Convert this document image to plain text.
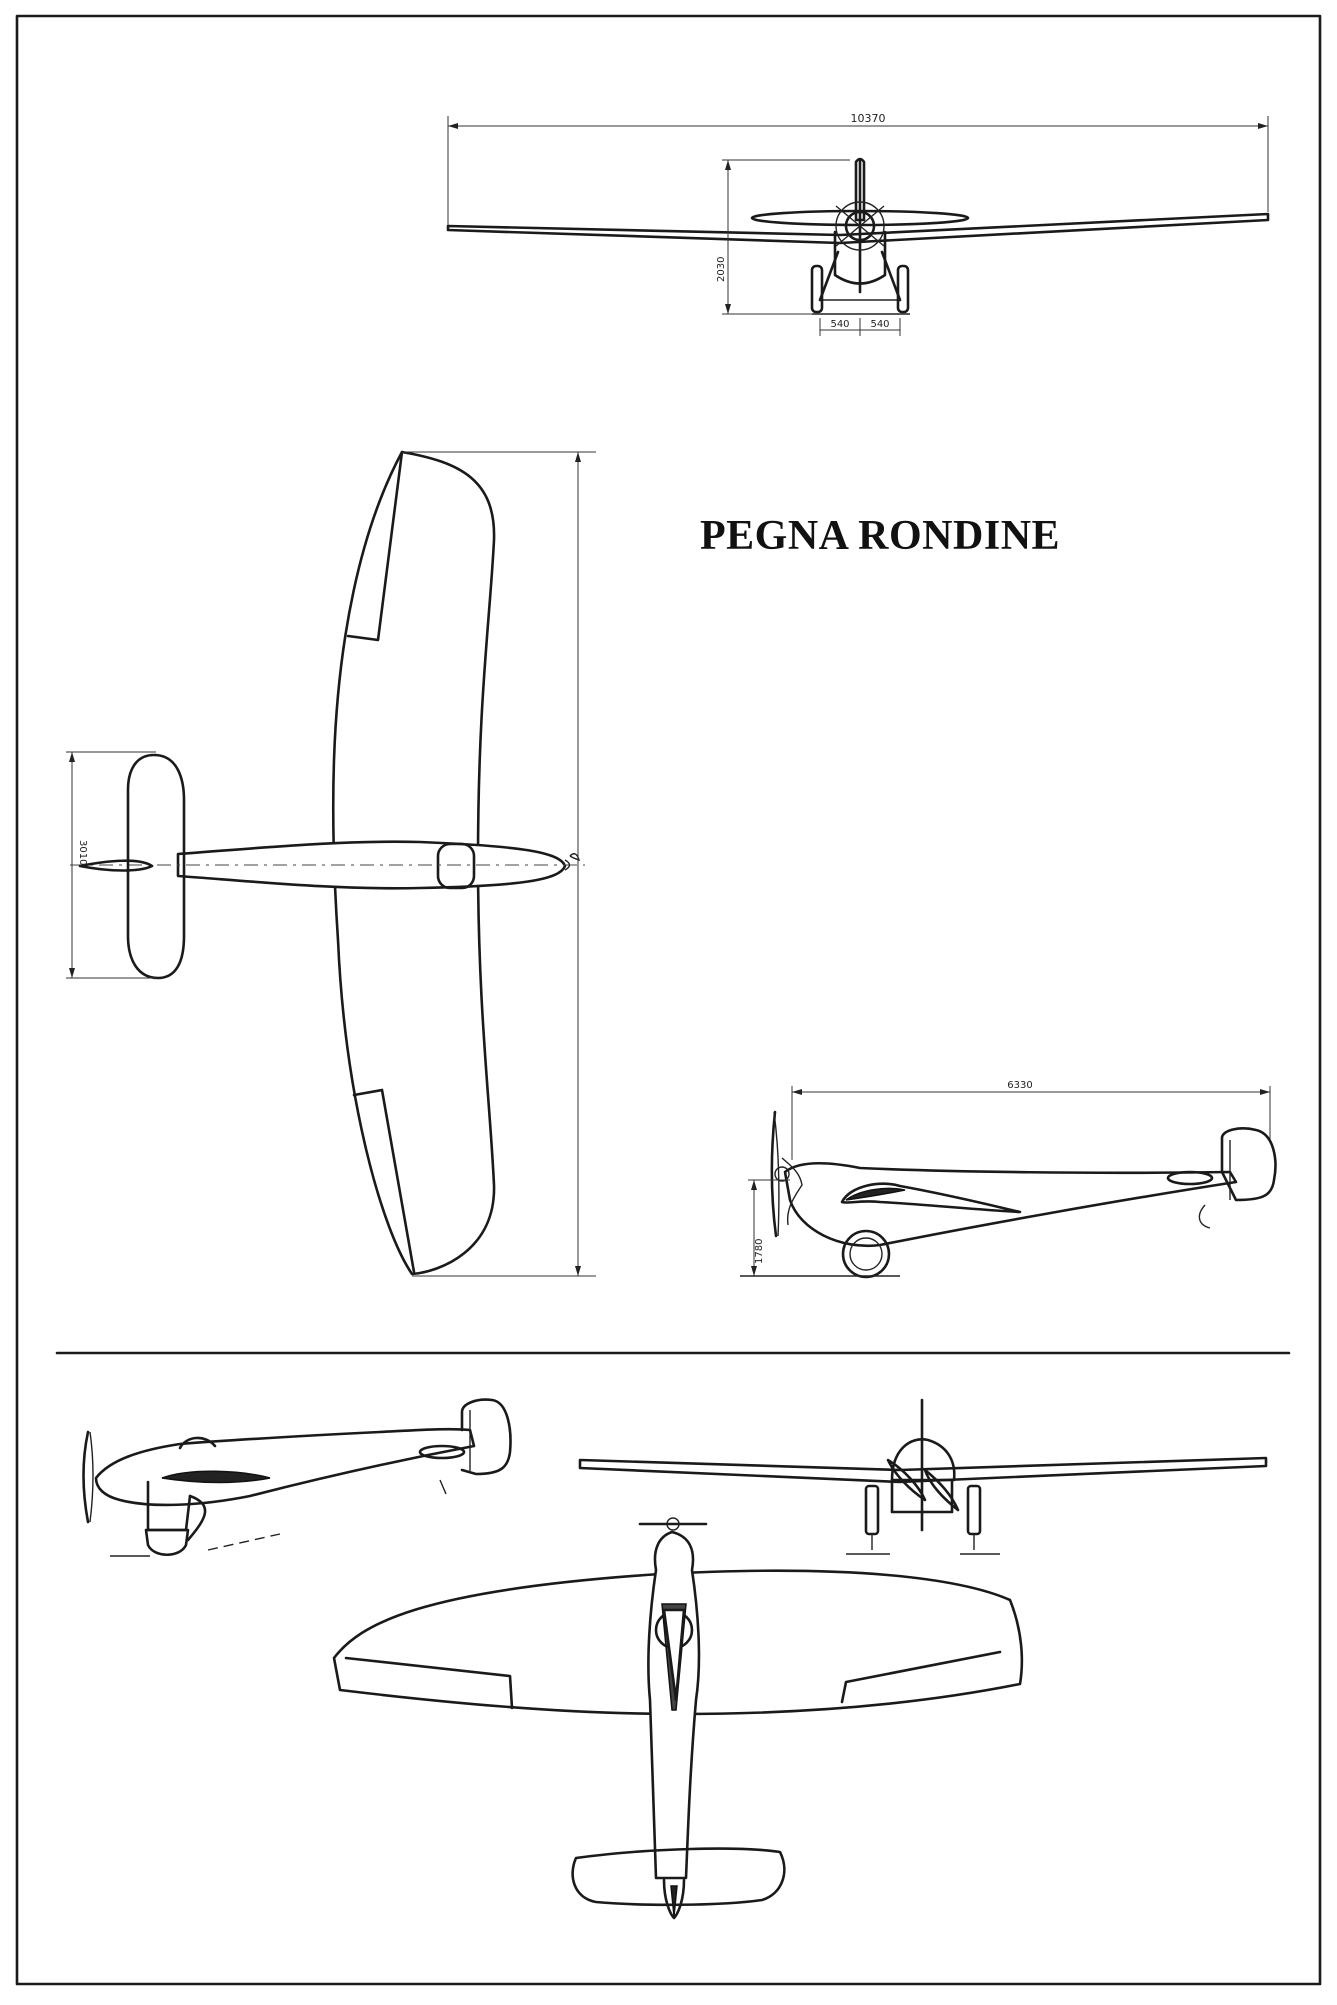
10370
2030
540 540
3010
6330
1780
PEGNA RONDINE
